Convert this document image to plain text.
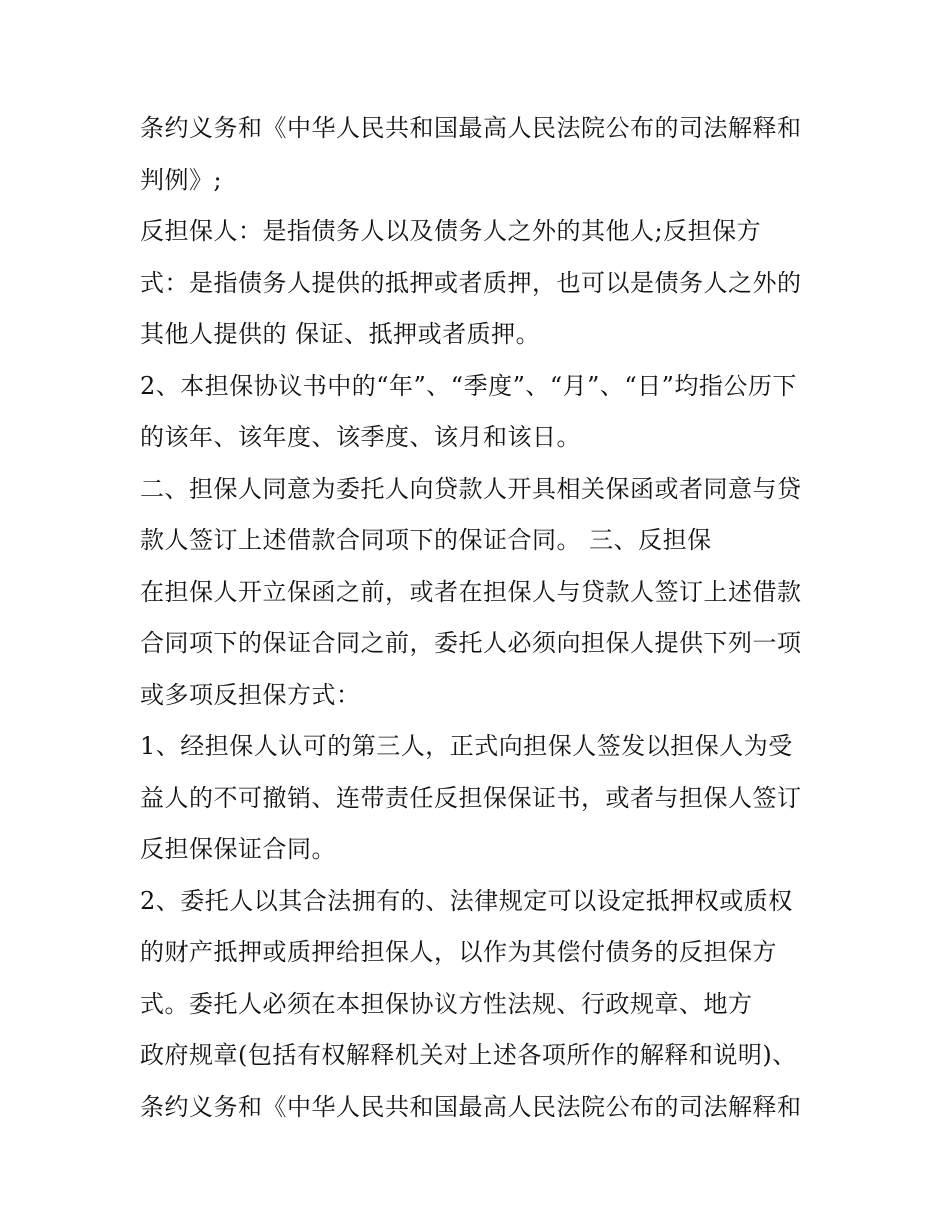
条约义务和《中华人民共和国最高人民法院公布的司法解释和
判例》;
反担保人：是指债务人以及债务人之外的其他人;反担保方
式：是指债务人提供的抵押或者质押，也可以是债务人之外的
其他人提供的 保证、抵押或者质押。
2、本担保协议书中的“年”、“季度”、“月”、“日”均指公历下
的该年、该年度、该季度、该月和该日。
二、担保人同意为委托人向贷款人开具相关保函或者同意与贷
款人签订上述借款合同项下的保证合同。 三、反担保
在担保人开立保函之前，或者在担保人与贷款人签订上述借款
合同项下的保证合同之前，委托人必须向担保人提供下列一项
或多项反担保方式：
1、经担保人认可的第三人，正式向担保人签发以担保人为受
益人的不可撤销、连带责任反担保保证书，或者与担保人签订
反担保保证合同。
2、委托人以其合法拥有的、法律规定可以设定抵押权或质权
的财产抵押或质押给担保人，以作为其偿付债务的反担保方
式。委托人必须在本担保协议方性法规、行政规章、地方
政府规章(包括有权解释机关对上述各项所作的解释和说明)、
条约义务和《中华人民共和国最高人民法院公布的司法解释和
